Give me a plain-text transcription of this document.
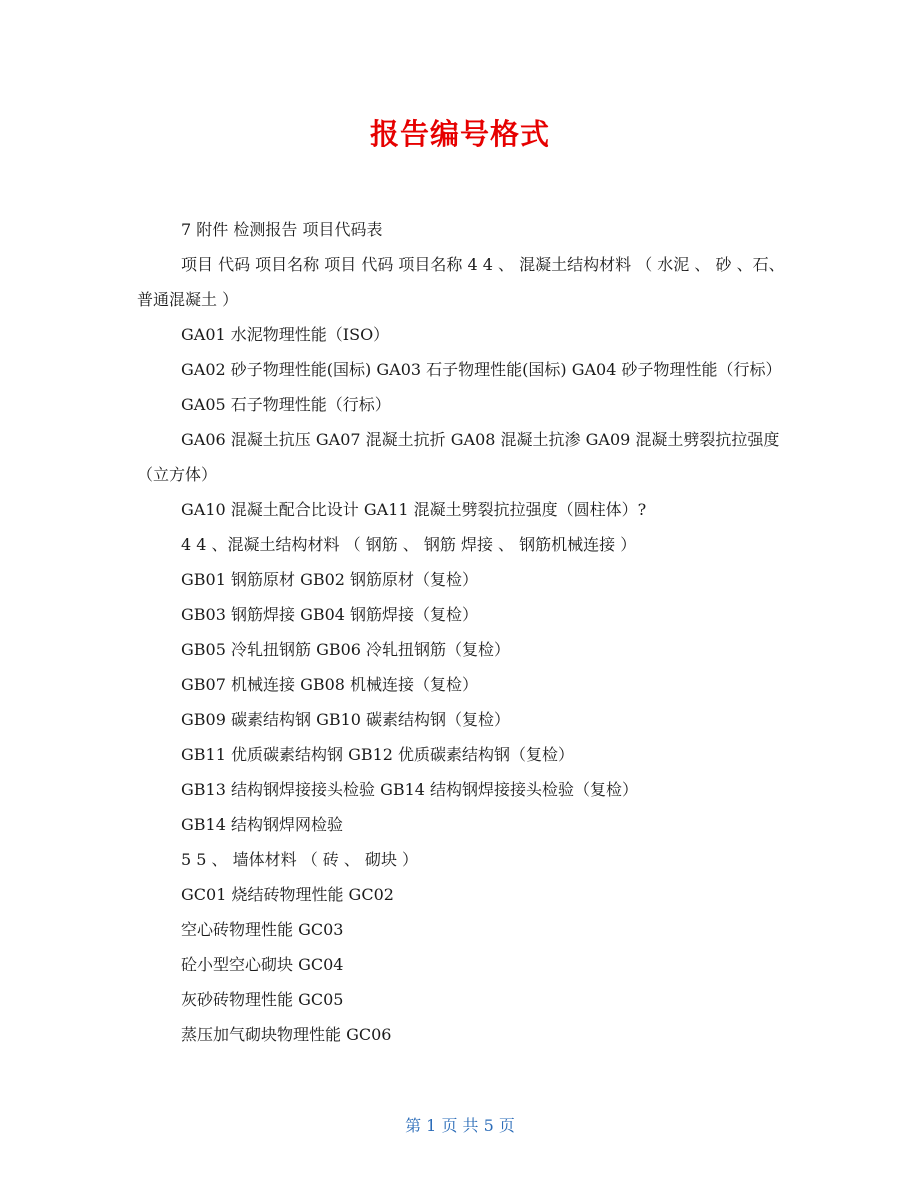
报告编号格式

7 附件 检测报告 项目代码表

项目 代码 项目名称 项目 代码 项目名称 4 4 、 混凝土结构材料 （ 水泥 、 砂 、石、 普通混凝土 ）

GA01 水泥物理性能（ISO）

GA02 砂子物理性能(国标) GA03 石子物理性能(国标) GA04 砂子物理性能（行标）

GA05 石子物理性能（行标）

GA06 混凝土抗压 GA07 混凝土抗折 GA08 混凝土抗渗 GA09 混凝土劈裂抗拉强度（立方体）

GA10 混凝土配合比设计 GA11 混凝土劈裂抗拉强度（圆柱体）?

4 4 、混凝土结构材料 （ 钢筋 、 钢筋 焊接 、 钢筋机械连接 ）

GB01 钢筋原材 GB02 钢筋原材（复检）

GB03 钢筋焊接 GB04 钢筋焊接（复检）

GB05 冷轧扭钢筋 GB06 冷轧扭钢筋（复检）

GB07 机械连接 GB08 机械连接（复检）

GB09 碳素结构钢 GB10 碳素结构钢（复检）

GB11 优质碳素结构钢 GB12 优质碳素结构钢（复检）

GB13 结构钢焊接接头检验 GB14 结构钢焊接接头检验（复检）

GB14 结构钢焊网检验

5 5 、 墙体材料 （ 砖 、 砌块 ）

GC01 烧结砖物理性能 GC02

空心砖物理性能 GC03

砼小型空心砌块 GC04

灰砂砖物理性能 GC05

蒸压加气砌块物理性能 GC06

第 1 页 共 5 页
